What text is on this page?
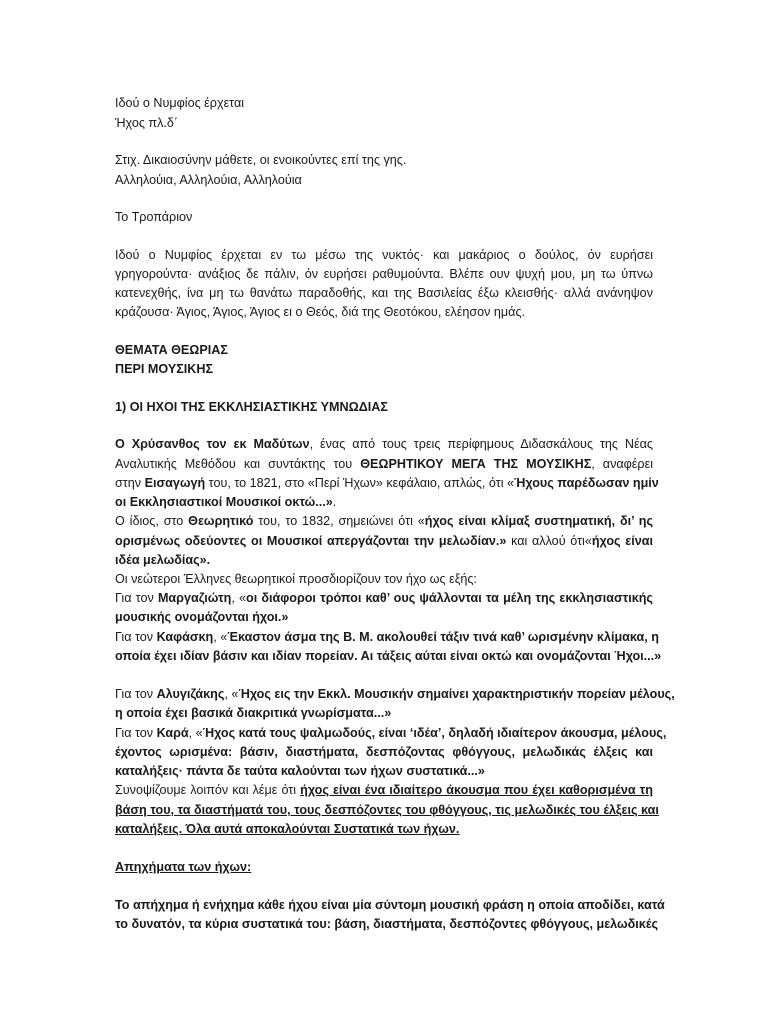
Ιδού ο Νυμφίος έρχεται
Ήχος πλ.δ΄
Στιχ. Δικαιοσύνην μάθετε, οι ενοικούντες επί της γης.
Αλληλούια, Αλληλούια, Αλληλούια
Το Τροπάριον
Ιδού ο Νυμφίος έρχεται εν τω μέσω της νυκτός· και μακάριος ο δούλος, όν ευρήσει
γρηγορούντα· ανάξιος δε πάλιν, όν ευρήσει ραθυμούντα. Βλέπε ουν ψυχή μου, μη τω ύπνω
κατενεχθής, ίνα μη τω θανάτω παραδοθής, και της Βασιλείας έξω κλεισθής· αλλά ανάνηψον
κράζουσα· Άγιος, Άγιος, Άγιος ει ο Θεός, διά της Θεοτόκου, ελέησον ημάς.
ΘΕΜΑΤΑ ΘΕΩΡΙΑΣ
ΠΕΡΙ ΜΟΥΣΙΚΗΣ
1) ΟΙ ΗΧΟΙ ΤΗΣ ΕΚΚΛΗΣΙΑΣΤΙΚΗΣ ΥΜΝΩΔΙΑΣ
Ο Χρύσανθος τον εκ Μαδύτων, ένας από τους τρεις περίφημους Διδασκάλους της Νέας
Αναλυτικής Μεθόδου και συντάκτης του ΘΕΩΡΗΤΙΚΟΥ ΜΕΓΑ ΤΗΣ ΜΟΥΣΙΚΗΣ, αναφέρει
στην Εισαγωγή του, το 1821, στο «Περί Ήχων» κεφάλαιο, απλώς, ότι «Ήχους παρέδωσαν ημίν
οι Εκκλησιαστικοί Μουσικοί οκτώ...».
Ο ίδιος, στο Θεωρητικό του, το 1832, σημειώνει ότι «ήχος είναι κλίμαξ συστηματική, δι’ ης
ορισμένως οδεύοντες οι Μουσικοί απεργάζονται την μελωδίαν.» και αλλού ότι«ήχος είναι
ιδέα μελωδίας».
Οι νεώτεροι Έλληνες θεωρητικοί προσδιορίζουν τον ήχο ως εξής:
Για τον Μαργαζιώτη, «οι διάφοροι τρόποι καθ’ ους ψάλλονται τα μέλη της εκκλησιαστικής
μουσικής ονομάζονται ήχοι.»
Για τον Καφάσκη, «Έκαστον άσμα της Β. Μ. ακολουθεί τάξιν τινά καθ’ ωρισμένην κλίμακα, η
οποία έχει ιδίαν βάσιν και ιδίαν πορείαν. Αι τάξεις αύται είναι οκτώ και ονομάζονται Ήχοι...»
Για τον Αλυγιζάκης, «Ήχος εις την Εκκλ. Μουσικήν σημαίνει χαρακτηριστικήν πορείαν μέλους,
η οποία έχει βασικά διακριτικά γνωρίσματα...»
Για τον Καρά, «Ήχος κατά τους ψαλμωδούς, είναι ‘ιδέα’, δηλαδή ιδιαίτερον άκουσμα, μέλους,
έχοντος ωρισμένα: βάσιν, διαστήματα, δεσπόζοντας φθόγγους, μελωδικάς έλξεις και
καταλήξεις· πάντα δε ταύτα καλούνται των ήχων συστατικά...»
Συνοψίζουμε λοιπόν και λέμε ότι ήχος είναι ένα ιδιαίτερο άκουσμα που έχει καθορισμένα τη
βάση του, τα διαστήματά του, τους δεσπόζοντες του φθόγγους, τις μελωδικές του έλξεις και
καταλήξεις. Όλα αυτά αποκαλούνται Συστατικά των ήχων.
Απηχήματα των ήχων:
Το απήχημα ή ενήχημα κάθε ήχου είναι μία σύντομη μουσική φράση η οποία αποδίδει, κατά
το δυνατόν, τα κύρια συστατικά του: βάση, διαστήματα, δεσπόζοντες φθόγγους, μελωδικές
